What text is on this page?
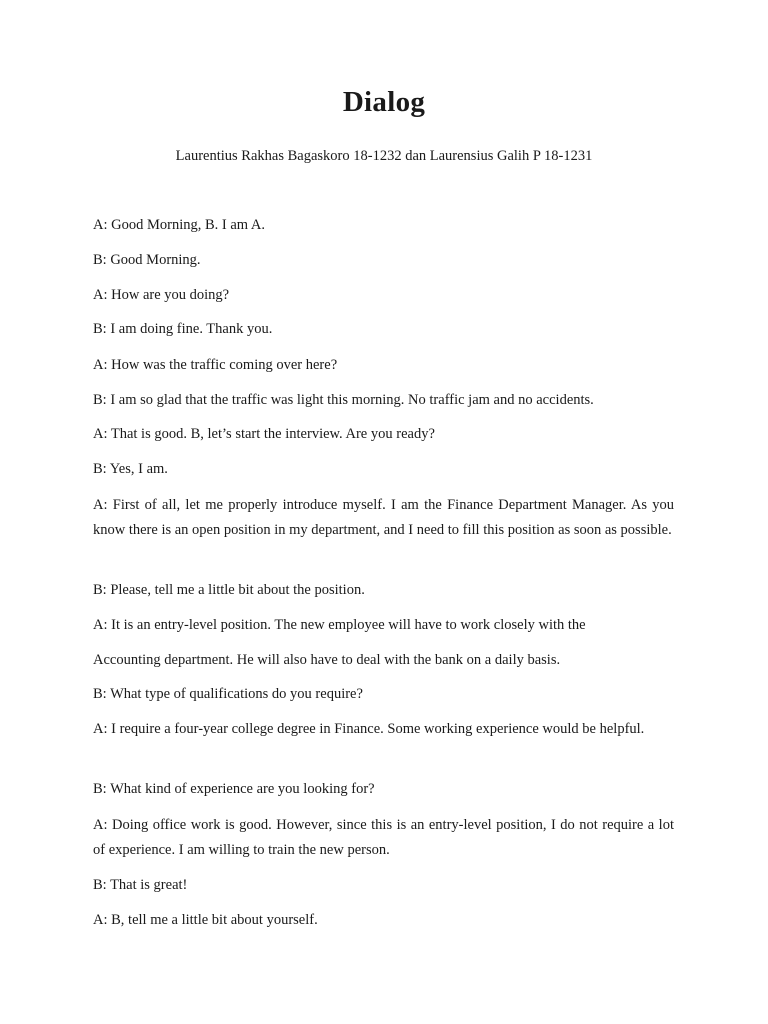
Dialog
Laurentius Rakhas Bagaskoro 18-1232 dan Laurensius Galih P 18-1231
A: Good Morning, B. I am A.
B: Good Morning.
A: How are you doing?
B: I am doing fine. Thank you.
A: How was the traffic coming over here?
B: I am so glad that the traffic was light this morning. No traffic jam and no accidents.
A: That is good. B, let’s start the interview. Are you ready?
B: Yes, I am.
A: First of all, let me properly introduce myself. I am the Finance Department Manager. As you know there is an open position in my department, and I need to fill this position as soon as possible.
B: Please, tell me a little bit about the position.
A: It is an entry-level position. The new employee will have to work closely with the
Accounting department. He will also have to deal with the bank on a daily basis.
B: What type of qualifications do you require?
A: I require a four-year college degree in Finance. Some working experience would be helpful.
B: What kind of experience are you looking for?
A: Doing office work is good. However, since this is an entry-level position, I do not require a lot of experience. I am willing to train the new person.
B: That is great!
A: B, tell me a little bit about yourself.
